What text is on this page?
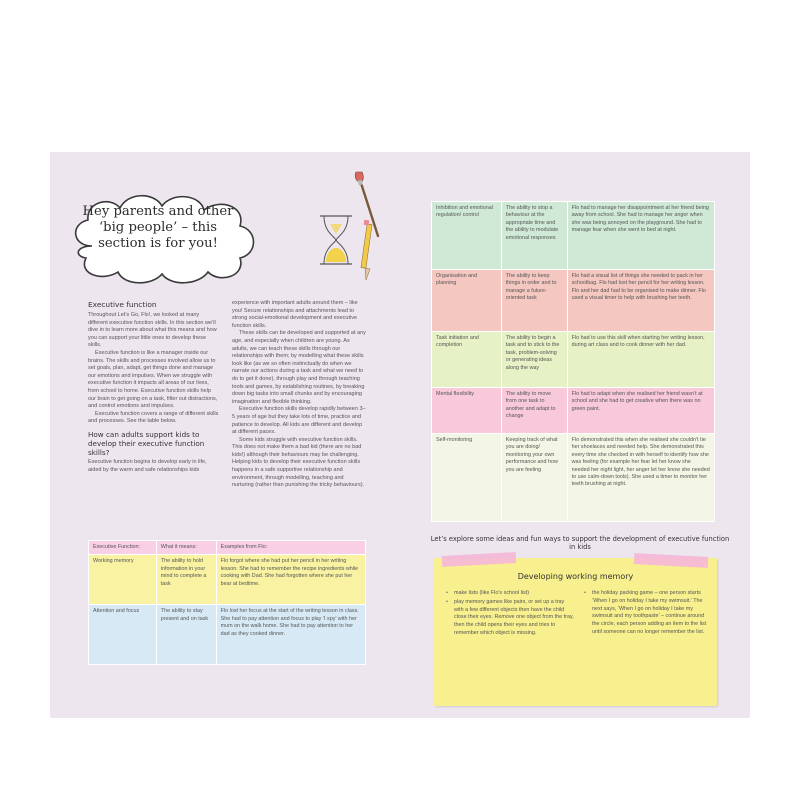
Hey parents and other
‘big people’ – this
section is for you!
Executive function

Throughout Let’s Go, Flo!, we looked at many different executive function skills. In this section we’ll dive in to learn more about what this means and how you can support your little ones to develop these skills.

Executive function is like a manager inside our brains. The skills and processes involved allow us to set goals, plan, adapt, get things done and manage our emotions and impulses. When we struggle with executive function it impacts all areas of our lives, from school to home. Executive function skills help our brain to get going on a task, filter out distractions, and control emotions and impulses.

Executive function covers a range of different skills and processes. See the table below.

How can adults support kids to develop their executive function skills?

Executive function begins to develop early in life, aided by the warm and safe relationships kids

experience with important adults around them – like you! Secure relationships and attachments lead to strong social-emotional development and executive function skills.

These skills can be developed and supported at any age, and especially when children are young. As adults, we can teach these skills through our relationships with them; by modelling what these skills look like (as we so often instinctually do when we narrate our actions during a task and what we need to do to get it done), through play and through teaching tools and games, by establishing routines, by breaking down big tasks into small chunks and by encouraging imagination and flexible thinking.

Executive function skills develop rapidly between 3–5 years of age but they take lots of time, practice and patience to develop. All kids are different and develop at different paces.

Some kids struggle with executive function skills. This does not make them a bad kid (there are no bad kids!) although their behaviours may be challenging. Helping kids to develop their executive function skills happens in a safe supportive relationship and environment, through modelling, teaching and nurturing (rather than punishing the tricky behaviours).

Executive Function:	What it means:	Examples from Flo:
Working memory	The ability to hold information in your mind to complete a task	Flo forgot where she had put her pencil in her writing lesson. She had to remember the recipe ingredients while cooking with Dad. She had forgotten where she put her bear at bedtime.
Attention and focus	The ability to stay present and on task	Flo lost her focus at the start of the writing lesson in class. She had to pay attention and focus to play ‘I spy’ with her mum on the walk home. She had to pay attention to her dad as they cooked dinner.
Inhibition and emotional regulation/ control	The ability to stop a behaviour at the appropriate time and the ability to modulate emotional responses	Flo had to manage her disappointment at her friend being away from school. She had to manage her anger when she was being annoyed on the playground. She had to manage fear when she went to bed at night.
Organisation and planning	The ability to keep things in order and to manage a future-oriented task	Flo had a visual list of things she needed to pack in her schoolbag. Flo had lost her pencil for her writing lesson. Flo and her dad had to be organised to make dinner. Flo used a visual timer to help with brushing her teeth.
Task initiation and completion	The ability to begin a task and to stick to the task, problem-solving or generating ideas along the way	Flo had to use this skill when starting her writing lesson, during art class and to cook dinner with her dad.
Mental flexibility	The ability to move from one task to another and adapt to change	Flo had to adapt when she realised her friend wasn’t at school and she had to get creative when there was no green paint.
Self-monitoring	Keeping track of what you are doing/ monitoring your own performance and how you are feeling	Flo demonstrated this when she realised she couldn’t tie her shoelaces and needed help. She demonstrated this every time she checked in with herself to identify how she was feeling (for example her fear let her know she needed her night light, her anger let her know she needed to use calm-down tools). She used a timer to monitor her teeth brushing at night.
Let’s explore some ideas and fun ways to support the development of executive function in kids
Developing working memory
• make lists (like Flo’s school list)
• play memory games like pairs, or set up a tray with a few different objects then have the child close their eyes. Remove one object from the tray, then the child opens their eyes and tries to remember which object is missing.
• the holiday packing game – one person starts ‘When I go on holiday I take my swimsuit.’ The next says, ‘When I go on holiday I take my swimsuit and my toothpaste’ – continue around the circle, each person adding an item to the list until someone can no longer remember the list.
